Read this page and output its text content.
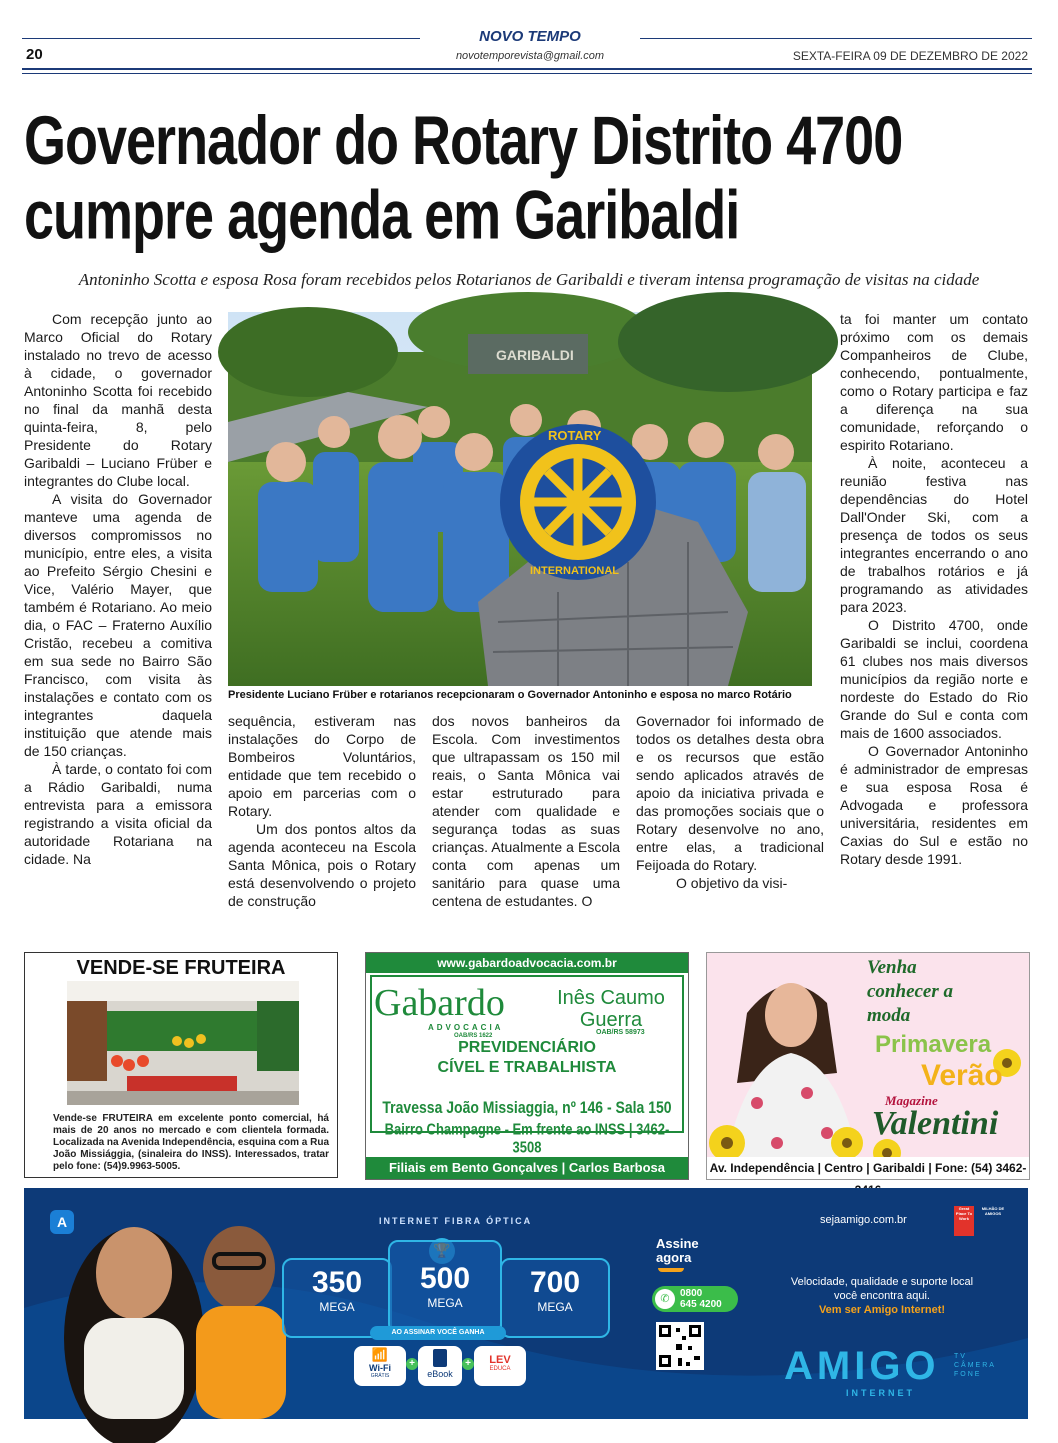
NOVO TEMPO
20	novotemporevista@gmail.com	SEXTA-FEIRA 09 DE DEZEMBRO DE 2022
Governador do Rotary Distrito 4700
cumpre agenda em Garibaldi
Antoninho Scotta e esposa Rosa foram recebidos pelos Rotarianos de Garibaldi e tiveram intensa programação de visitas na cidade

Com recepção junto ao Marco Oficial do Rotary instalado no trevo de acesso à cidade, o governador Antoninho Scotta foi recebido no final da manhã desta quinta-feira, 8, pelo Presidente do Rotary Garibaldi – Luciano Früber e integrantes do Clube local.

A visita do Governador manteve uma agenda de diversos compromissos no município, entre eles, a visita ao Prefeito Sérgio Chesini e Vice, Valério Mayer, que também é Rotariano. Ao meio dia, o FAC – Fraterno Auxílio Cristão, recebeu a comitiva em sua sede no Bairro São Francisco, com visita às instalações e contato com os integrantes daquela instituição que atende mais de 150 crianças.

À tarde, o contato foi com a Rádio Garibaldi, numa entrevista para a emissora registrando a visita oficial da autoridade Rotariana na cidade. Na

sequência, estiveram nas instalações do Corpo de Bombeiros Voluntários, entidade que tem recebido o apoio em parcerias com o Rotary.

Um dos pontos altos da agenda aconteceu na Escola Santa Mônica, pois o Rotary está desenvolvendo o projeto de construção

dos novos banheiros da Escola. Com investimentos que ultrapassam os 150 mil reais, o Santa Mônica vai estar estruturado para atender com qualidade e segurança todas as suas crianças. Atualmente a Escola conta com apenas um sanitário para quase uma centena de estudantes. O

Governador foi informado de todos os detalhes desta obra e os recursos que estão sendo aplicados através de apoio da iniciativa privada e das promoções sociais que o Rotary desenvolve no ano, entre elas, a tradicional Feijoada do Rotary.

O objetivo da visi-

ta foi manter um contato próximo com os demais Companheiros de Clube, conhecendo, pontualmente, como o Rotary participa e faz a diferença na sua comunidade, reforçando o espirito Rotariano.

À noite, aconteceu a reunião festiva nas dependências do Hotel Dall'Onder Ski, com a presença de todos os seus integrantes encerrando o ano de trabalhos rotários e já programando as atividades para 2023.

O Distrito 4700, onde Garibaldi se inclui, coordena 61 clubes nos mais diversos municípios da região norte e nordeste do Estado do Rio Grande do Sul e conta com mais de 1600 associados.

O Governador Antoninho é administrador de empresas e sua esposa Rosa é Advogada e professora universitária, residentes em Caxias do Sul e estão no Rotary desde 1991.

GARIBALDI
ROTARY
INTERNATIONAL
Presidente Luciano Früber e rotarianos recepcionaram o Governador Antoninho e esposa no marco Rotário
VENDE-SE FRUTEIRA
Vende-se FRUTEIRA em excelente ponto comercial, há mais de 20 anos no mercado e com clientela formada. Localizada na Avenida Independência, esquina com a Rua João Missiággia, (sinaleira do INSS). Interessados, tratar pelo fone: (54)9.9963-5005.
www.gabardoadvocacia.com.br
Gabardo
ADVOCACIA
OAB/RS 1622
Inês Caumo
Guerra
OAB/RS 58973
PREVIDENCIÁRIO
CÍVEL E TRABALHISTA
Travessa João Missiaggia, nº 146 - Sala 150
Bairro Champagne - Em frente ao INSS | 3462-3508
Filiais em Bento Gonçalves | Carlos Barbosa
Venha
conhecer a
moda
Primavera
Verão
Magazine
Valentini
Av. Independência | Centro | Garibaldi | Fone: (54) 3462-
A	INTERNET FIBRA ÓPTICA
350
MEGA
500
MEGA
700
MEGA
AO ASSINAR VOCÊ GANHA
📶
Wi-Fi
GRÁTIS
+
eBook
+	LEV
EDUCA
Assine
agora
✆	0800
645 4200
sejaamigo.com.br
Great Place To Work
MILHÃO DE AMIGOS
Velocidade, qualidade e suporte local
você encontra aqui.
Vem ser Amigo Internet!
AMIGO
INTERNET
TV
CÂMERA
FONE
